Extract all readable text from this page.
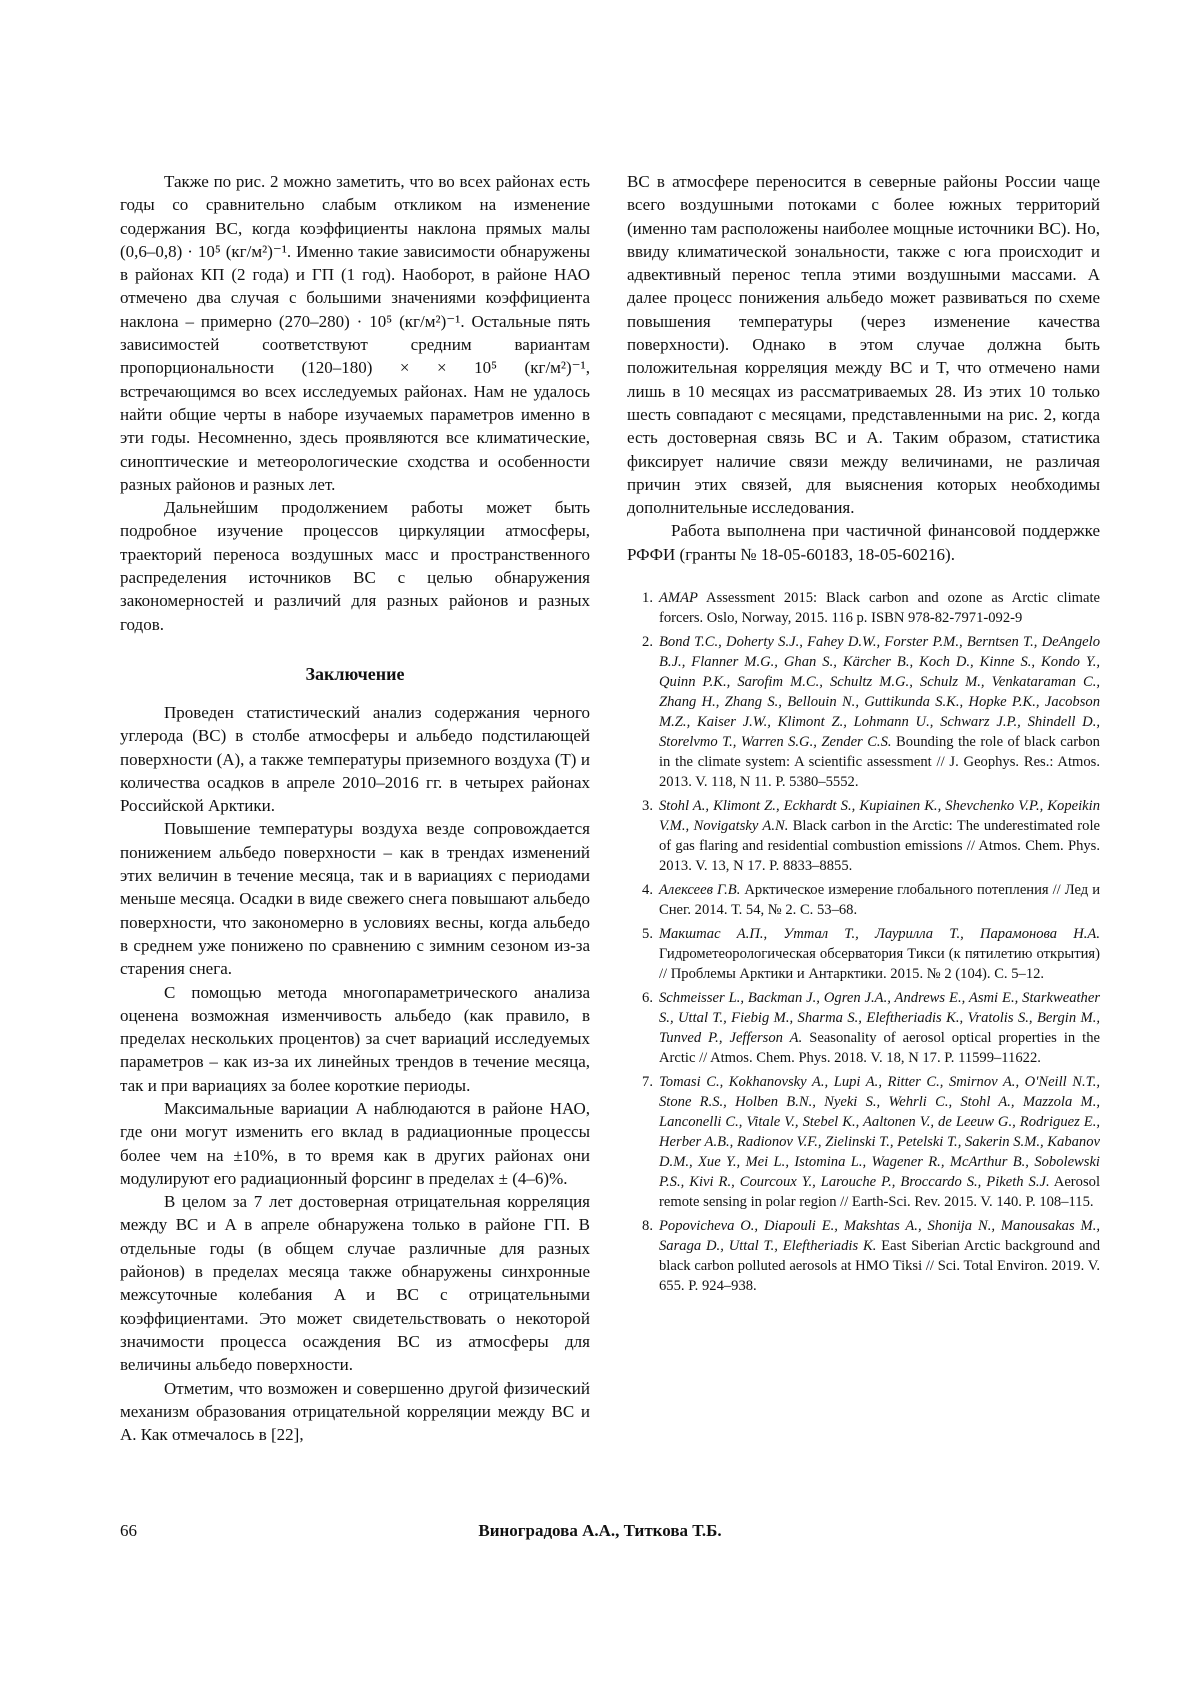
Также по рис. 2 можно заметить, что во всех районах есть годы со сравнительно слабым откликом на изменение содержания ВС, когда коэффициенты наклона прямых малы (0,6–0,8) · 10⁵ (кг/м²)⁻¹. Именно такие зависимости обнаружены в районах КП (2 года) и ГП (1 год). Наоборот, в районе НАО отмечено два случая с большими значениями коэффициента наклона – примерно (270–280) · 10⁵ (кг/м²)⁻¹. Остальные пять зависимостей соответствуют средним вариантам пропорциональности (120–180) × × 10⁵ (кг/м²)⁻¹, встречающимся во всех исследуемых районах. Нам не удалось найти общие черты в наборе изучаемых параметров именно в эти годы. Несомненно, здесь проявляются все климатические, синоптические и метеорологические сходства и особенности разных районов и разных лет.

Дальнейшим продолжением работы может быть подробное изучение процессов циркуляции атмосферы, траекторий переноса воздушных масс и пространственного распределения источников ВС с целью обнаружения закономерностей и различий для разных районов и разных годов.

Заключение

Проведен статистический анализ содержания черного углерода (ВС) в столбе атмосферы и альбедо подстилающей поверхности (A), а также температуры приземного воздуха (T) и количества осадков в апреле 2010–2016 гг. в четырех районах Российской Арктики.

Повышение температуры воздуха везде сопровождается понижением альбедо поверхности – как в трендах изменений этих величин в течение месяца, так и в вариациях с периодами меньше месяца. Осадки в виде свежего снега повышают альбедо поверхности, что закономерно в условиях весны, когда альбедо в среднем уже понижено по сравнению с зимним сезоном из-за старения снега.

С помощью метода многопараметрического анализа оценена возможная изменчивость альбедо (как правило, в пределах нескольких процентов) за счет вариаций исследуемых параметров – как из-за их линейных трендов в течение месяца, так и при вариациях за более короткие периоды.

Максимальные вариации A наблюдаются в районе НАО, где они могут изменить его вклад в радиационные процессы более чем на ±10%, в то время как в других районах они модулируют его радиационный форсинг в пределах ± (4–6)%.

В целом за 7 лет достоверная отрицательная корреляция между ВС и A в апреле обнаружена только в районе ГП. В отдельные годы (в общем случае различные для разных районов) в пределах месяца также обнаружены синхронные межсуточные колебания A и ВС с отрицательными коэффициентами. Это может свидетельствовать о некоторой значимости процесса осаждения ВС из атмосферы для величины альбедо поверхности.

Отметим, что возможен и совершенно другой физический механизм образования отрицательной корреляции между ВС и A. Как отмечалось в [22],

ВС в атмосфере переносится в северные районы России чаще всего воздушными потоками с более южных территорий (именно там расположены наиболее мощные источники ВС). Но, ввиду климатической зональности, также с юга происходит и адвективный перенос тепла этими воздушными массами. А далее процесс понижения альбедо может развиваться по схеме повышения температуры (через изменение качества поверхности). Однако в этом случае должна быть положительная корреляция между ВС и T, что отмечено нами лишь в 10 месяцах из рассматриваемых 28. Из этих 10 только шесть совпадают с месяцами, представленными на рис. 2, когда есть достоверная связь ВС и A. Таким образом, статистика фиксирует наличие связи между величинами, не различая причин этих связей, для выяснения которых необходимы дополнительные исследования.

Работа выполнена при частичной финансовой поддержке РФФИ (гранты № 18-05-60183, 18-05-60216).

1. AMAP Assessment 2015: Black carbon and ozone as Arctic climate forcers. Oslo, Norway, 2015. 116 p. ISBN 978-82-7971-092-9
2. Bond T.C., Doherty S.J., Fahey D.W., Forster P.M., Berntsen T., DeAngelo B.J., Flanner M.G., Ghan S., Kärcher B., Koch D., Kinne S., Kondo Y., Quinn P.K., Sarofim M.C., Schultz M.G., Schulz M., Venkataraman C., Zhang H., Zhang S., Bellouin N., Guttikunda S.K., Hopke P.K., Jacobson M.Z., Kaiser J.W., Klimont Z., Lohmann U., Schwarz J.P., Shindell D., Storelvmo T., Warren S.G., Zender C.S. Bounding the role of black carbon in the climate system: A scientific assessment // J. Geophys. Res.: Atmos. 2013. V. 118, N 11. P. 5380–5552.
3. Stohl A., Klimont Z., Eckhardt S., Kupiainen K., Shevchenko V.P., Kopeikin V.M., Novigatsky A.N. Black carbon in the Arctic: The underestimated role of gas flaring and residential combustion emissions // Atmos. Chem. Phys. 2013. V. 13, N 17. P. 8833–8855.
4. Алексеев Г.В. Арктическое измерение глобального потепления // Лед и Снег. 2014. Т. 54, № 2. С. 53–68.
5. Макштас А.П., Уттал Т., Лаурилла Т., Парамонова Н.А. Гидрометеорологическая обсерватория Тикси (к пятилетию открытия) // Проблемы Арктики и Антарктики. 2015. № 2 (104). С. 5–12.
6. Schmeisser L., Backman J., Ogren J.A., Andrews E., Asmi E., Starkweather S., Uttal T., Fiebig M., Sharma S., Eleftheriadis K., Vratolis S., Bergin M., Tunved P., Jefferson A. Seasonality of aerosol optical properties in the Arctic // Atmos. Chem. Phys. 2018. V. 18, N 17. P. 11599–11622.
7. Tomasi C., Kokhanovsky A., Lupi A., Ritter C., Smirnov A., O'Neill N.T., Stone R.S., Holben B.N., Nyeki S., Wehrli C., Stohl A., Mazzola M., Lanconelli C., Vitale V., Stebel K., Aaltonen V., de Leeuw G., Rodriguez E., Herber A.B., Radionov V.F., Zielinski T., Petelski T., Sakerin S.M., Kabanov D.M., Xue Y., Mei L., Istomina L., Wagener R., McArthur B., Sobolewski P.S., Kivi R., Courcoux Y., Larouche P., Broccardo S., Piketh S.J. Aerosol remote sensing in polar region // Earth-Sci. Rev. 2015. V. 140. P. 108–115.
8. Popovicheva O., Diapouli E., Makshtas A., Shonija N., Manousakas M., Saraga D., Uttal T., Eleftheriadis K. East Siberian Arctic background and black carbon polluted aerosols at HMO Tiksi // Sci. Total Environ. 2019. V. 655. P. 924–938.
66	Виноградова А.А., Титкова Т.Б.
